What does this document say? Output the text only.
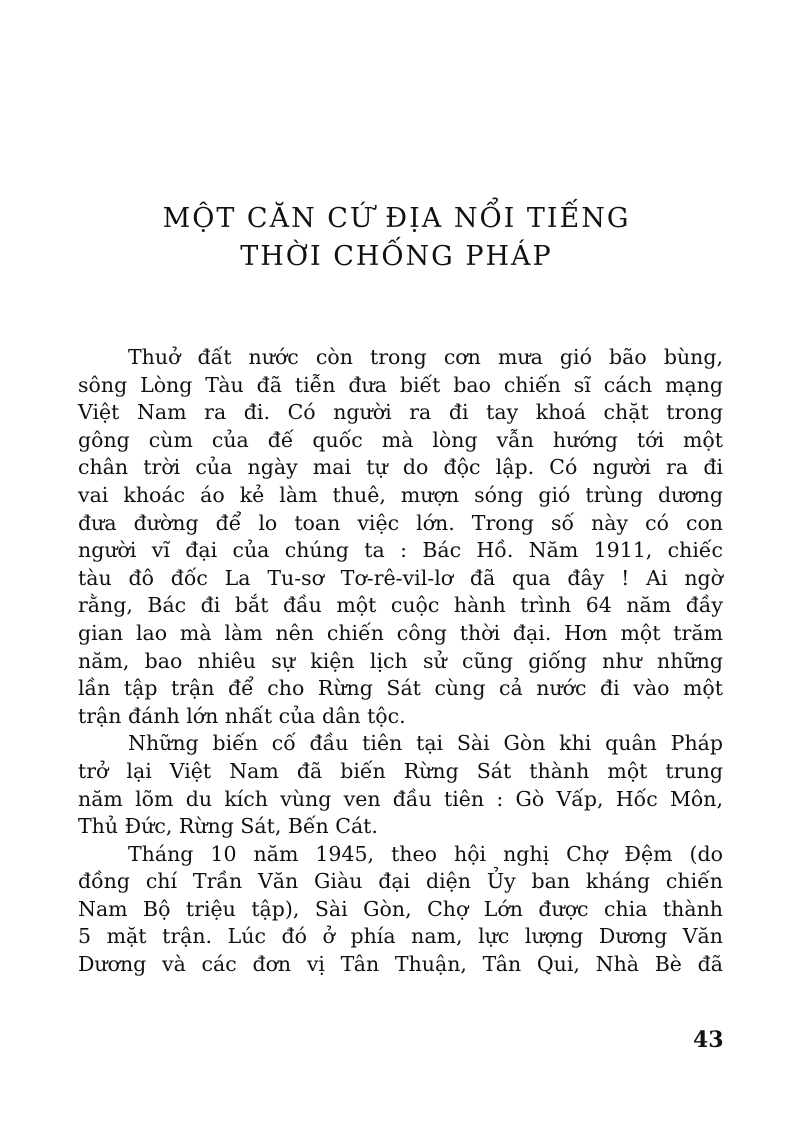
MỘT CĂN CỨ ĐỊA NỔI TIẾNG
THỜI CHỐNG PHÁP
Thuở đất nước còn trong cơn mưa gió bão bùng,
sông Lòng Tàu đã tiễn đưa biết bao chiến sĩ cách mạng
Việt Nam ra đi. Có người ra đi tay khoá chặt trong
gông cùm của đế quốc mà lòng vẫn hướng tới một
chân trời của ngày mai tự do độc lập. Có người ra đi
vai khoác áo kẻ làm thuê, mượn sóng gió trùng dương
đưa đường để lo toan việc lớn. Trong số này có con
người vĩ đại của chúng ta : Bác Hồ. Năm 1911, chiếc
tàu đô đốc La Tu-sơ Tơ-rê-vil-lơ đã qua đây ! Ai ngờ
rằng, Bác đi bắt đầu một cuộc hành trình 64 năm đầy
gian lao mà làm nên chiến công thời đại. Hơn một trăm
năm, bao nhiêu sự kiện lịch sử cũng giống như những
lần tập trận để cho Rừng Sát cùng cả nước đi vào một
trận đánh lớn nhất của dân tộc.
Những biến cố đầu tiên tại Sài Gòn khi quân Pháp
trở lại Việt Nam đã biến Rừng Sát thành một trung
năm lõm du kích vùng ven đầu tiên : Gò Vấp, Hốc Môn,
Thủ Đức, Rừng Sát, Bến Cát.
Tháng 10 năm 1945, theo hội nghị Chợ Đệm (do
đồng chí Trần Văn Giàu đại diện Ủy ban kháng chiến
Nam Bộ triệu tập), Sài Gòn, Chợ Lớn được chia thành
5 mặt trận. Lúc đó ở phía nam, lực lượng Dương Văn
Dương và các đơn vị Tân Thuận, Tân Qui, Nhà Bè đã
43
